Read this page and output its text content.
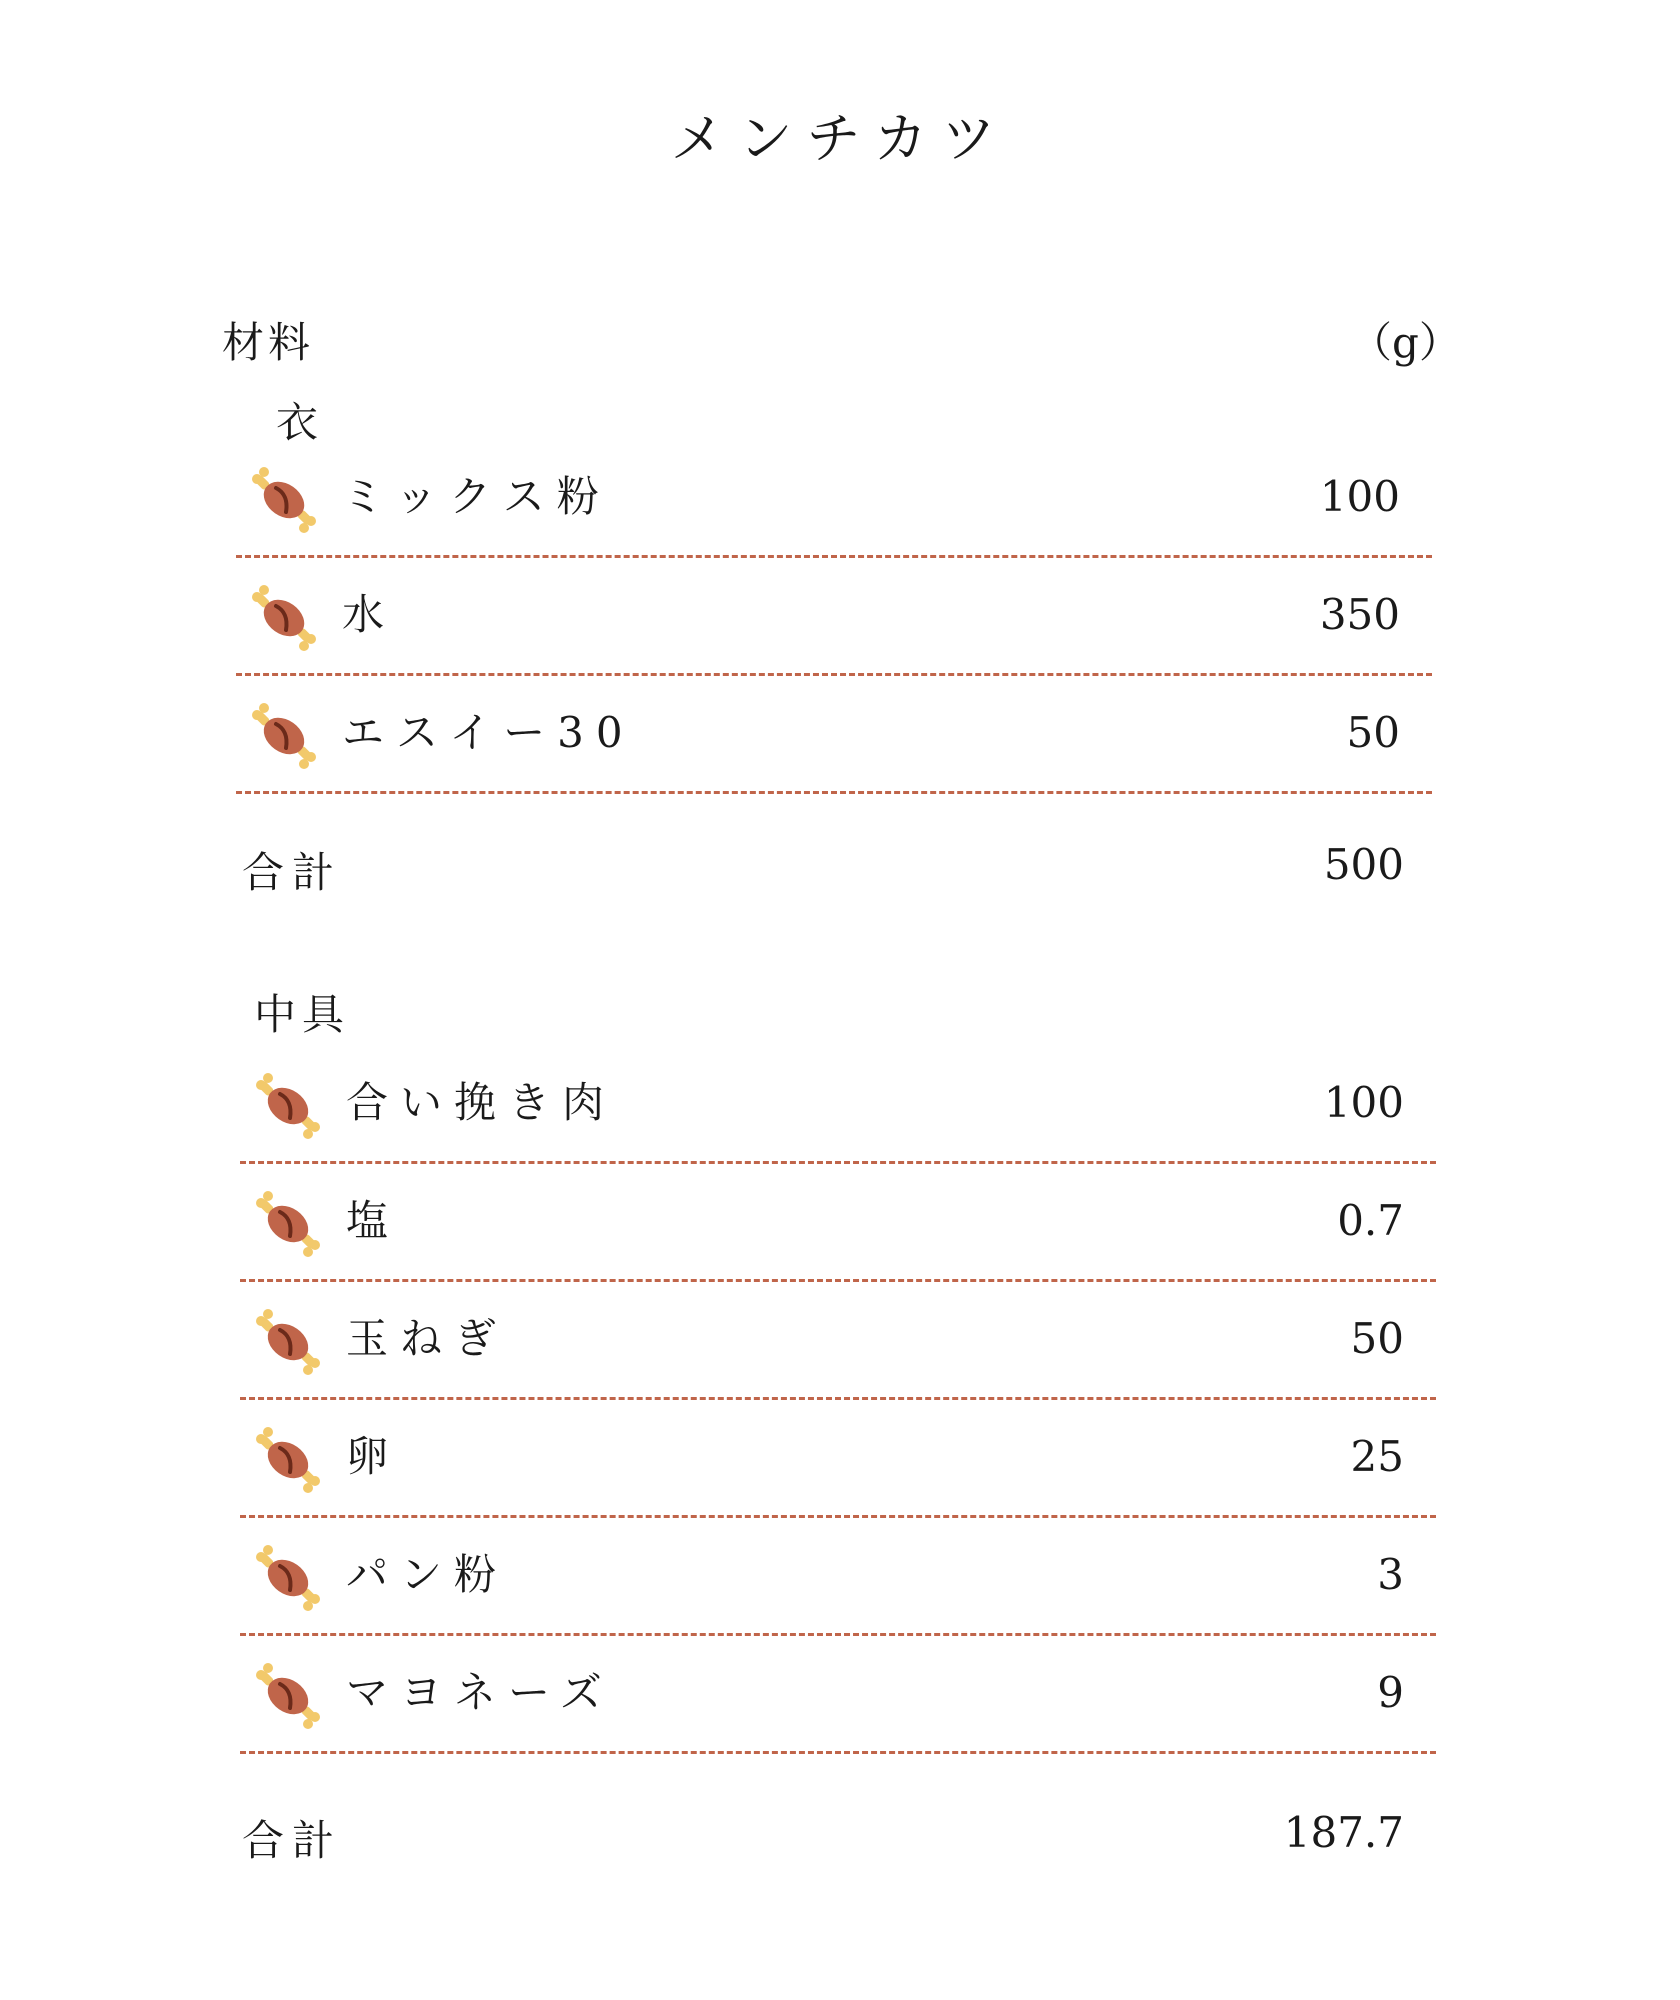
メンチカツ
材料	（g）
衣
ミックス粉	100
水	350
エスイー30	50
合計	500
中具
合い挽き肉	100
塩	0.7
玉ねぎ	50
卵	25
パン粉	3
マヨネーズ	9
合計	187.7
